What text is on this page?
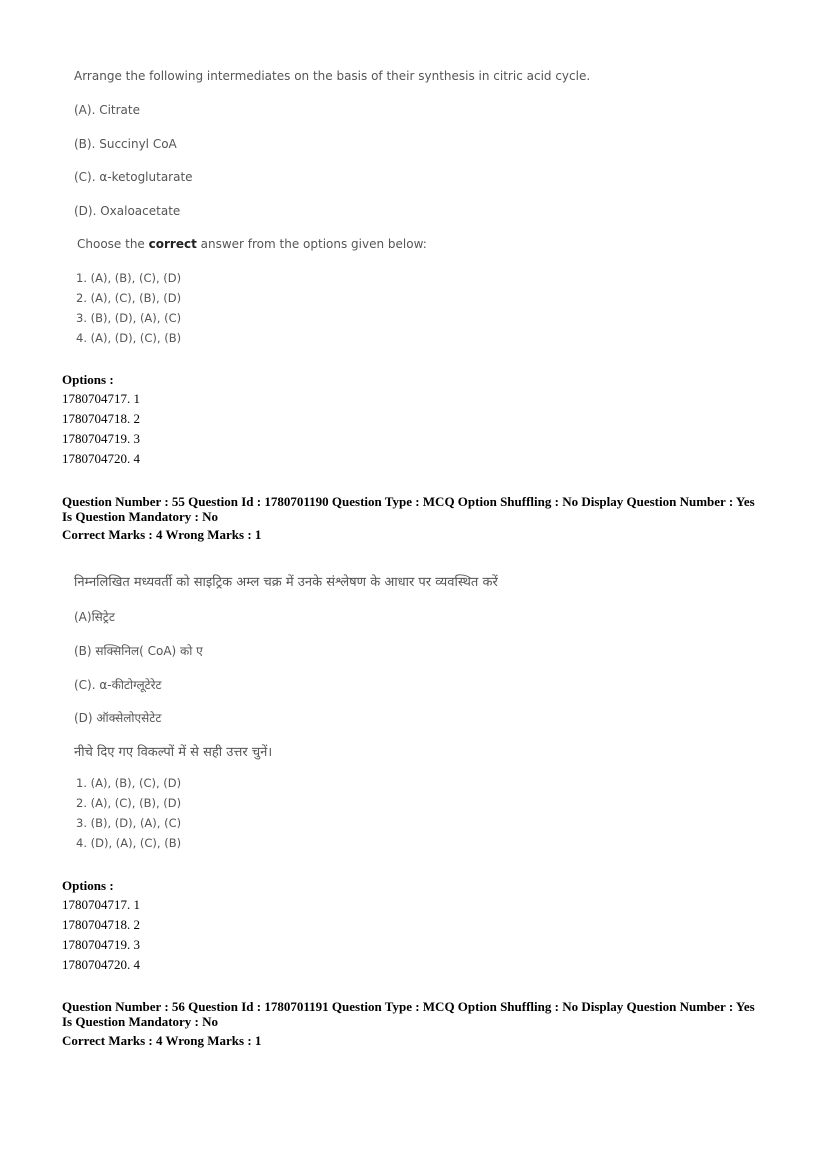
Arrange the following intermediates on the basis of their synthesis in citric acid cycle.
(A). Citrate
(B). Succinyl CoA
(C). α-ketoglutarate
(D). Oxaloacetate
Choose the correct answer from the options given below:
1. (A), (B), (C), (D)
2. (A), (C), (B), (D)
3. (B), (D), (A), (C)
4. (A), (D), (C), (B)
Options :
1780704717. 1
1780704718. 2
1780704719. 3
1780704720. 4
Question Number : 55 Question Id : 1780701190 Question Type : MCQ Option Shuffling : No Display Question Number : Yes
Is Question Mandatory : No
Correct Marks : 4 Wrong Marks : 1
निम्नलिखित मध्यवर्ती को साइट्रिक अम्ल चक्र में उनके संश्लेषण के आधार पर व्यवस्थित करें
(A)सिट्रेट
(B) सक्सिनिल( CoA) को ए
(C). α-कीटोग्लूटेरेट
(D) ऑक्सेलोएसेटेट
नीचे दिए गए विकल्पों में से सही उत्तर चुनें।
1. (A), (B), (C), (D)
2. (A), (C), (B), (D)
3. (B), (D), (A), (C)
4. (D), (A), (C), (B)
Options :
1780704717. 1
1780704718. 2
1780704719. 3
1780704720. 4
Question Number : 56 Question Id : 1780701191 Question Type : MCQ Option Shuffling : No Display Question Number : Yes
Is Question Mandatory : No
Correct Marks : 4 Wrong Marks : 1
